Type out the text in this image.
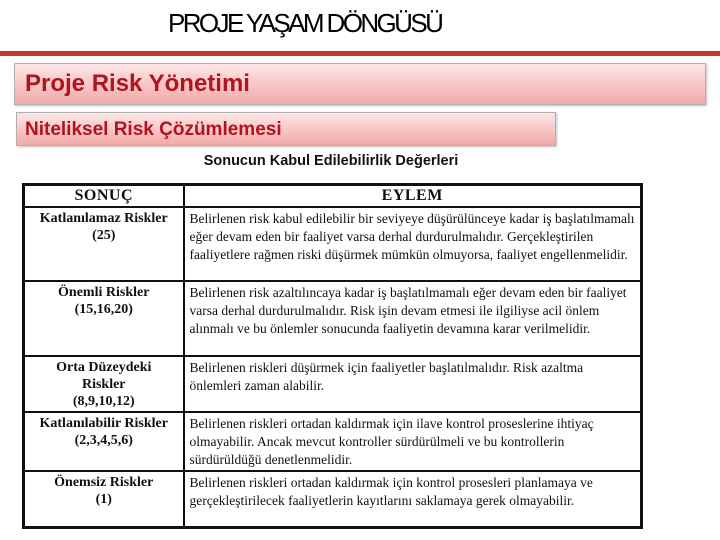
PROJE YAŞAM DÖNGÜSÜ
Proje Risk Yönetimi
Niteliksel Risk Çözümlemesi
Sonucun Kabul Edilebilirlik Değerleri
SONUÇ	EYLEM

Katlanılamaz Riskler
(25)	Belirlenen risk kabul edilebilir bir seviyeye düşürülünceye kadar iş başlatılmamalı eğer devam eden bir faaliyet varsa derhal durdurulmalıdır. Gerçekleştirilen faaliyetlere rağmen riski düşürmek mümkün olmuyorsa, faaliyet engellenmelidir.

Önemli Riskler
(15,16,20)	Belirlenen risk azaltılıncaya kadar iş başlatılmamalı eğer devam eden bir faaliyet varsa derhal durdurulmalıdır. Risk işin devam etmesi ile ilgiliyse acil önlem alınmalı ve bu önlemler sonucunda faaliyetin devamına karar verilmelidir.

Orta Düzeydeki Riskler
(8,9,10,12)	Belirlenen riskleri düşürmek için faaliyetler başlatılmalıdır. Risk azaltma önlemleri zaman alabilir.

Katlanılabilir Riskler
(2,3,4,5,6)	Belirlenen riskleri ortadan kaldırmak için ilave kontrol proseslerine ihtiyaç olmayabilir. Ancak mevcut kontroller sürdürülmeli ve bu kontrollerin sürdürüldüğü denetlenmelidir.

Önemsiz Riskler
(1)	Belirlenen riskleri ortadan kaldırmak için kontrol prosesleri planlamaya ve gerçekleştirilecek faaliyetlerin kayıtlarını saklamaya gerek olmayabilir.
